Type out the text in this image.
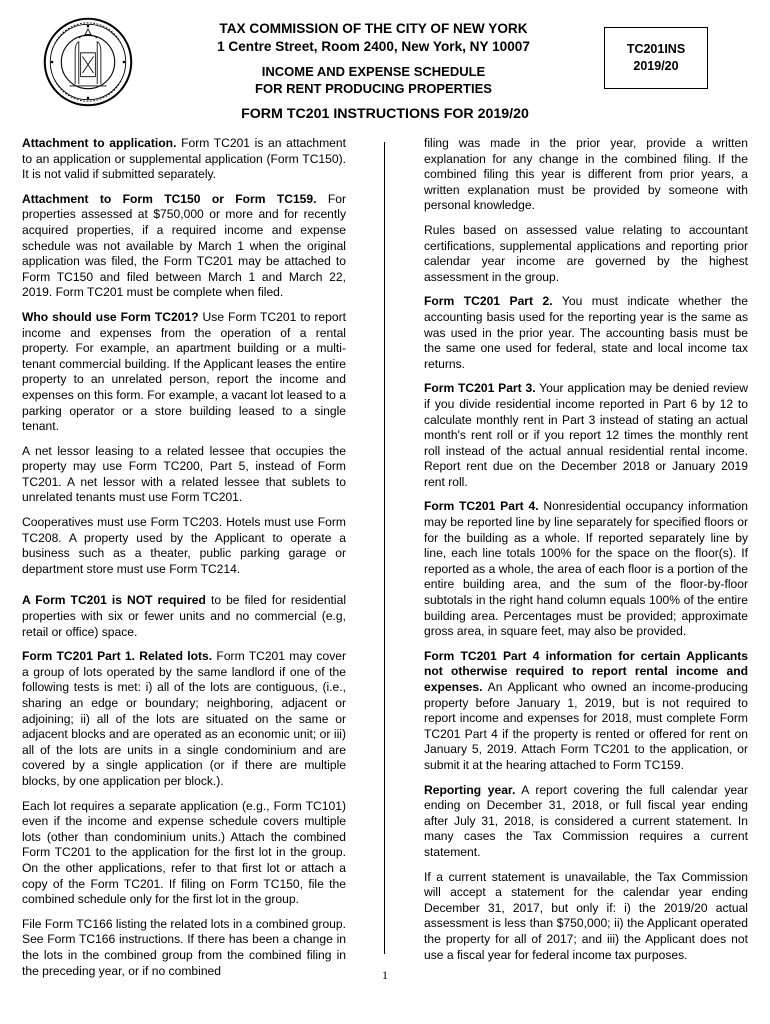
TAX COMMISSION OF THE CITY OF NEW YORK
1 Centre Street, Room 2400, New York, NY 10007
INCOME AND EXPENSE SCHEDULE
FOR RENT PRODUCING PROPERTIES
TC201INS
2019/20
FORM TC201 INSTRUCTIONS FOR 2019/20

Attachment to application. Form TC201 is an attachment to an application or supplemental application (Form TC150). It is not valid if submitted separately.

Attachment to Form TC150 or Form TC159. For properties assessed at $750,000 or more and for recently acquired properties, if a required income and expense schedule was not available by March 1 when the original application was filed, the Form TC201 may be attached to Form TC150 and filed between March 1 and March 22, 2019. Form TC201 must be complete when filed.

Who should use Form TC201? Use Form TC201 to report income and expenses from the operation of a rental property. For example, an apartment building or a multi-tenant commercial building. If the Applicant leases the entire property to an unrelated person, report the income and expenses on this form. For example, a vacant lot leased to a parking operator or a store building leased to a single tenant.

A net lessor leasing to a related lessee that occupies the property may use Form TC200, Part 5, instead of Form TC201. A net lessor with a related lessee that sublets to unrelated tenants must use Form TC201.

Cooperatives must use Form TC203. Hotels must use Form TC208. A property used by the Applicant to operate a business such as a theater, public parking garage or department store must use Form TC214.

A Form TC201 is NOT required to be filed for residential properties with six or fewer units and no commercial (e.g, retail or office) space.

Form TC201 Part 1. Related lots. Form TC201 may cover a group of lots operated by the same landlord if one of the following tests is met: i) all of the lots are contiguous, (i.e., sharing an edge or boundary; neighboring, adjacent or adjoining; ii) all of the lots are situated on the same or adjacent blocks and are operated as an economic unit; or iii) all of the lots are units in a single condominium and are covered by a single application (or if there are multiple blocks, by one application per block.).

Each lot requires a separate application (e.g., Form TC101) even if the income and expense schedule covers multiple lots (other than condominium units.) Attach the combined Form TC201 to the application for the first lot in the group. On the other applications, refer to that first lot or attach a copy of the Form TC201. If filing on Form TC150, file the combined schedule only for the first lot in the group.

File Form TC166 listing the related lots in a combined group. See Form TC166 instructions. If there has been a change in the lots in the combined group from the combined filing in the preceding year, or if no combined

filing was made in the prior year, provide a written explanation for any change in the combined filing. If the combined filing this year is different from prior years, a written explanation must be provided by someone with personal knowledge.

Rules based on assessed value relating to accountant certifications, supplemental applications and reporting prior calendar year income are governed by the highest assessment in the group.

Form TC201 Part 2. You must indicate whether the accounting basis used for the reporting year is the same as was used in the prior year. The accounting basis must be the same one used for federal, state and local income tax returns.

Form TC201 Part 3. Your application may be denied review if you divide residential income reported in Part 6 by 12 to calculate monthly rent in Part 3 instead of stating an actual month's rent roll or if you report 12 times the monthly rent roll instead of the actual annual residential rental income. Report rent due on the December 2018 or January 2019 rent roll.

Form TC201 Part 4. Nonresidential occupancy information may be reported line by line separately for specified floors or for the building as a whole. If reported separately line by line, each line totals 100% for the space on the floor(s). If reported as a whole, the area of each floor is a portion of the entire building area, and the sum of the floor-by-floor subtotals in the right hand column equals 100% of the entire building area. Percentages must be provided; approximate gross area, in square feet, may also be provided.

Form TC201 Part 4 information for certain Applicants not otherwise required to report rental income and expenses. An Applicant who owned an income-producing property before January 1, 2019, but is not required to report income and expenses for 2018, must complete Form TC201 Part 4 if the property is rented or offered for rent on January 5, 2019. Attach Form TC201 to the application, or submit it at the hearing attached to Form TC159.

Reporting year. A report covering the full calendar year ending on December 31, 2018, or full fiscal year ending after July 31, 2018, is considered a current statement. In many cases the Tax Commission requires a current statement.

If a current statement is unavailable, the Tax Commission will accept a statement for the calendar year ending December 31, 2017, but only if: i) the 2019/20 actual assessment is less than $750,000; ii) the Applicant operated the property for all of 2017; and iii) the Applicant does not use a fiscal year for federal income tax purposes.

1
